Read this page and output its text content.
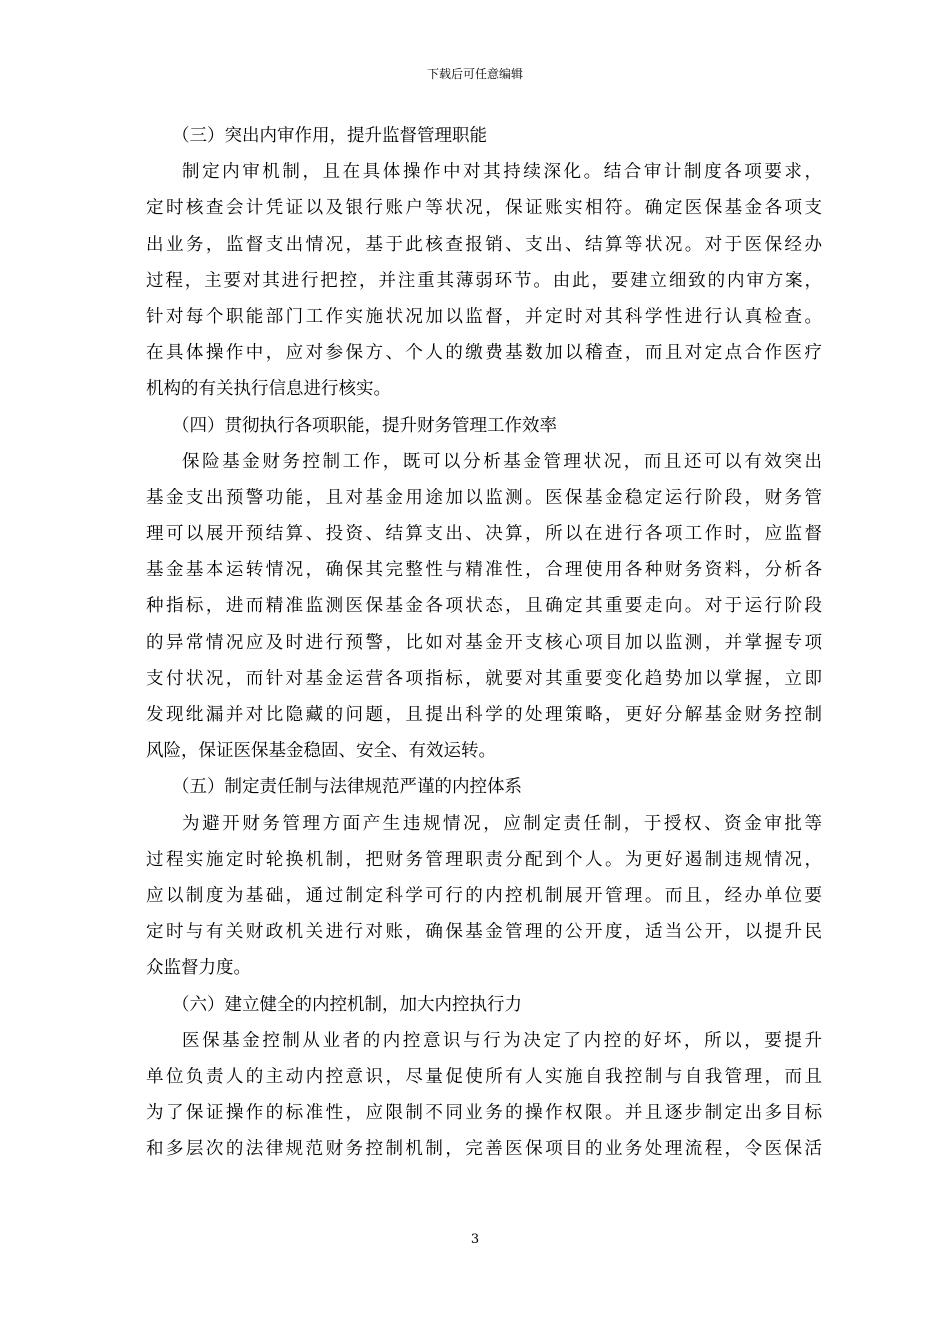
下载后可任意编辑
（三）突出内审作用，提升监督管理职能
制定内审机制，且在具体操作中对其持续深化。结合审计制度各项要求，
定时核查会计凭证以及银行账户等状况，保证账实相符。确定医保基金各项支
出业务，监督支出情况，基于此核查报销、支出、结算等状况。对于医保经办
过程，主要对其进行把控，并注重其薄弱环节。由此，要建立细致的内审方案，
针对每个职能部门工作实施状况加以监督，并定时对其科学性进行认真检查。
在具体操作中，应对参保方、个人的缴费基数加以稽查，而且对定点合作医疗
机构的有关执行信息进行核实。
（四）贯彻执行各项职能，提升财务管理工作效率
保险基金财务控制工作，既可以分析基金管理状况，而且还可以有效突出
基金支出预警功能，且对基金用途加以监测。医保基金稳定运行阶段，财务管
理可以展开预结算、投资、结算支出、决算，所以在进行各项工作时，应监督
基金基本运转情况，确保其完整性与精准性，合理使用各种财务资料，分析各
种指标，进而精准监测医保基金各项状态，且确定其重要走向。对于运行阶段
的异常情况应及时进行预警，比如对基金开支核心项目加以监测，并掌握专项
支付状况，而针对基金运营各项指标，就要对其重要变化趋势加以掌握，立即
发现纰漏并对比隐藏的问题，且提出科学的处理策略，更好分解基金财务控制
风险，保证医保基金稳固、安全、有效运转。
（五）制定责任制与法律规范严谨的内控体系
为避开财务管理方面产生违规情况，应制定责任制，于授权、资金审批等
过程实施定时轮换机制，把财务管理职责分配到个人。为更好遏制违规情况，
应以制度为基础，通过制定科学可行的内控机制展开管理。而且，经办单位要
定时与有关财政机关进行对账，确保基金管理的公开度，适当公开，以提升民
众监督力度。
（六）建立健全的内控机制，加大内控执行力
医保基金控制从业者的内控意识与行为决定了内控的好坏，所以，要提升
单位负责人的主动内控意识，尽量促使所有人实施自我控制与自我管理，而且
为了保证操作的标准性，应限制不同业务的操作权限。并且逐步制定出多目标
和多层次的法律规范财务控制机制，完善医保项目的业务处理流程，令医保活
3
